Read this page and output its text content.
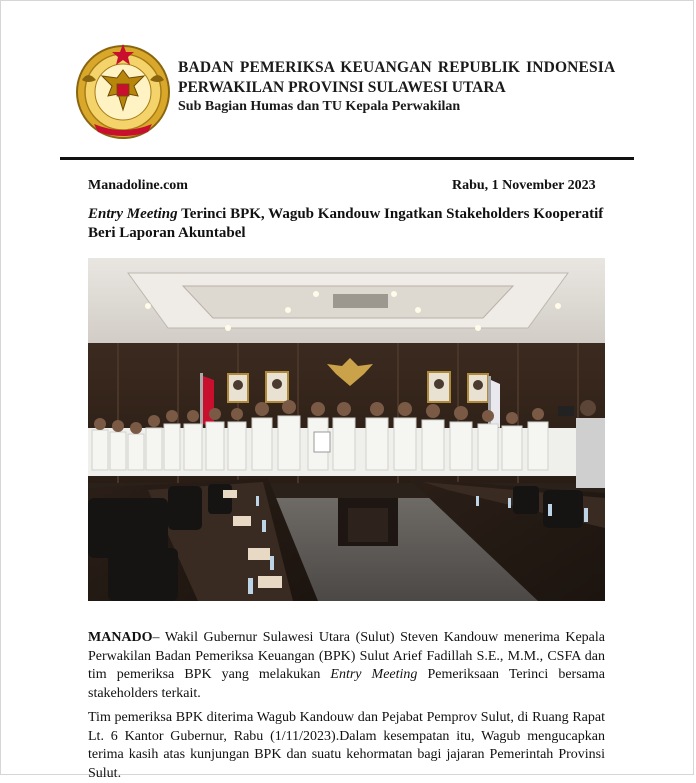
BADAN PEMERIKSA KEUANGAN REPUBLIK INDONESIA
PERWAKILAN PROVINSI SULAWESI UTARA
Sub Bagian Humas dan TU Kepala Perwakilan
Manadoline.com	Rabu, 1 November 2023
Entry Meeting Terinci BPK, Wagub Kandouw Ingatkan Stakeholders Kooperatif Beri Laporan Akuntabel
MANADO– Wakil Gubernur Sulawesi Utara (Sulut) Steven Kandouw menerima Kepala Perwakilan Badan Pemeriksa Keuangan (BPK) Sulut Arief Fadillah S.E., M.M., CSFA dan tim pemeriksa BPK yang melakukan Entry Meeting Pemeriksaan Terinci bersama stakeholders terkait.
Tim pemeriksa BPK diterima Wagub Kandouw dan Pejabat Pemprov Sulut, di Ruang Rapat Lt. 6 Kantor Gubernur, Rabu (1/11/2023).Dalam kesempatan itu, Wagub mengucapkan terima kasih atas kunjungan BPK dan suatu kehormatan bagi jajaran Pemerintah Provinsi Sulut.
